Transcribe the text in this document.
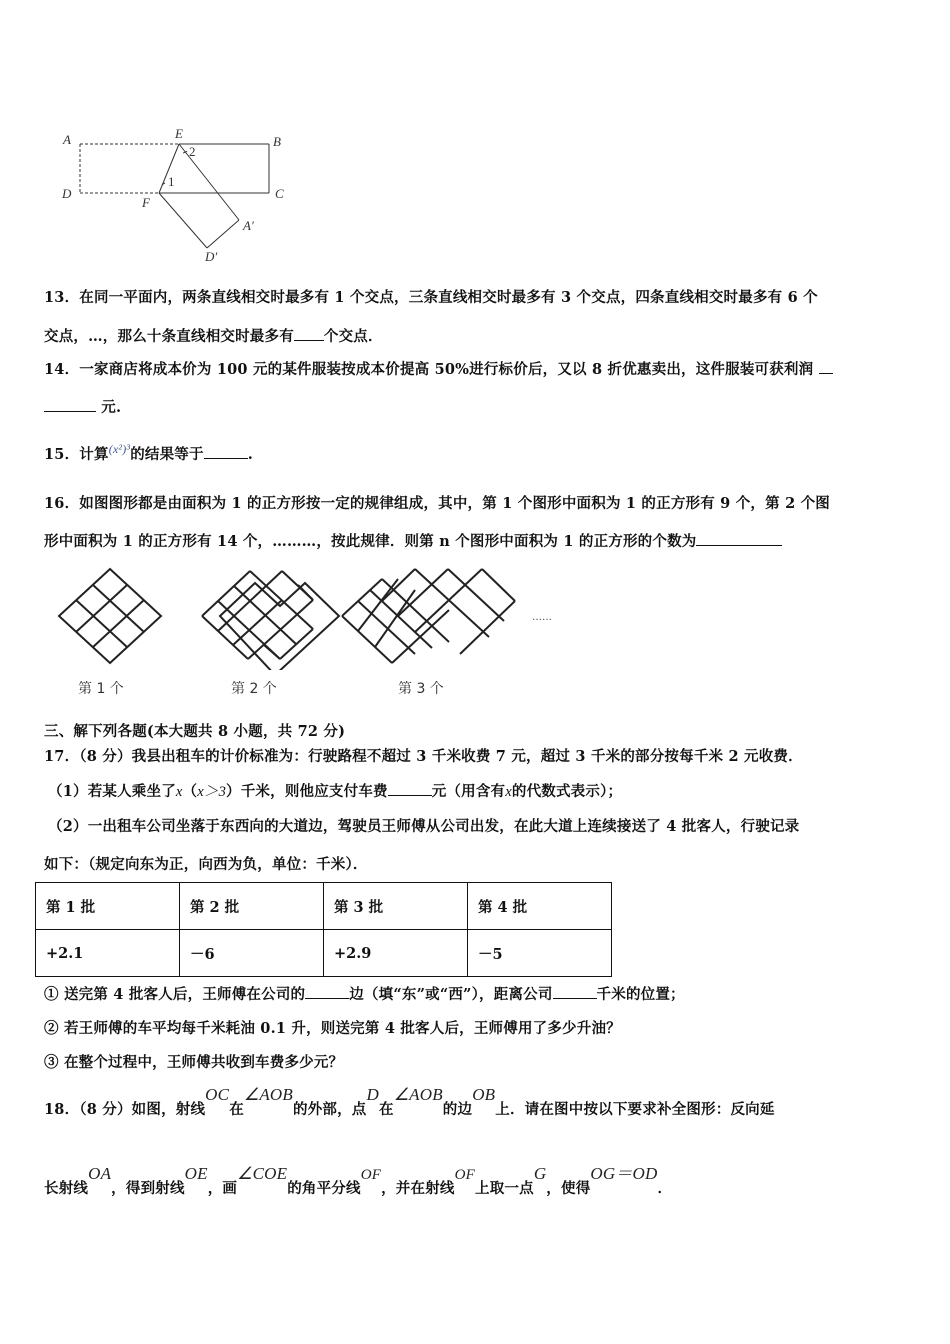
A	E
B
2
1
D
F
C
A′
D′
13．在同一平面内，两条直线相交时最多有 1 个交点，三条直线相交时最多有 3 个交点，四条直线相交时最多有 6 个
交点，…，那么十条直线相交时最多有 个交点．
14．一家商店将成本价为 100 元的某件服装按成本价提高 50%进行标价后，又以 8 折优惠卖出，这件服装可获利润
元.
15．计算$^{(x^2)^3}$的结果等于	.
16．如图图形都是由面积为 1 的正方形按一定的规律组成，其中，第 1 个图形中面积为 1 的正方形有 9 个，第 2 个图
形中面积为 1 的正方形有 14 个，………，按此规律．则第 n 个图形中面积为 1 的正方形的个数为
……
第 1 个	第 2 个	第 3 个
三、解下列各题(本大题共 8 小题，共 72 分)
17．（8 分）我县出租车的计价标准为：行驶路程不超过 3 千米收费 7 元，超过 3 千米的部分按每千米 2 元收费．
（1）若某人乘坐了x（x＞3）千米，则他应支付车费	元（用含有x的代数式表示）；
（2）一出租车公司坐落于东西向的大道边，驾驶员王师傅从公司出发，在此大道上连续接送了 4 批客人，行驶记录
如下：（规定向东为正，向西为负，单位：千米）．
第 1 批	第 2 批	第 3 批	第 4 批
+2.1	－6	+2.9	－5
① 送完第 4 批客人后，王师傅在公司的	边（填“东”或“西”），距离公司	千米的位置；
② 若王师傅的车平均每千米耗油 0.1 升，则送完第 4 批客人后，王师傅用了多少升油？
③ 在整个过程中，王师傅共收到车费多少元？
18．（8 分）如图，射线OC在∠AOB的外部，点D在∠AOB的边OB上．请在图中按以下要求补全图形：反向延
长射线OA，得到射线OE，画∠COE的角平分线OF，并在射线OF上取一点G，使得OG＝OD．
